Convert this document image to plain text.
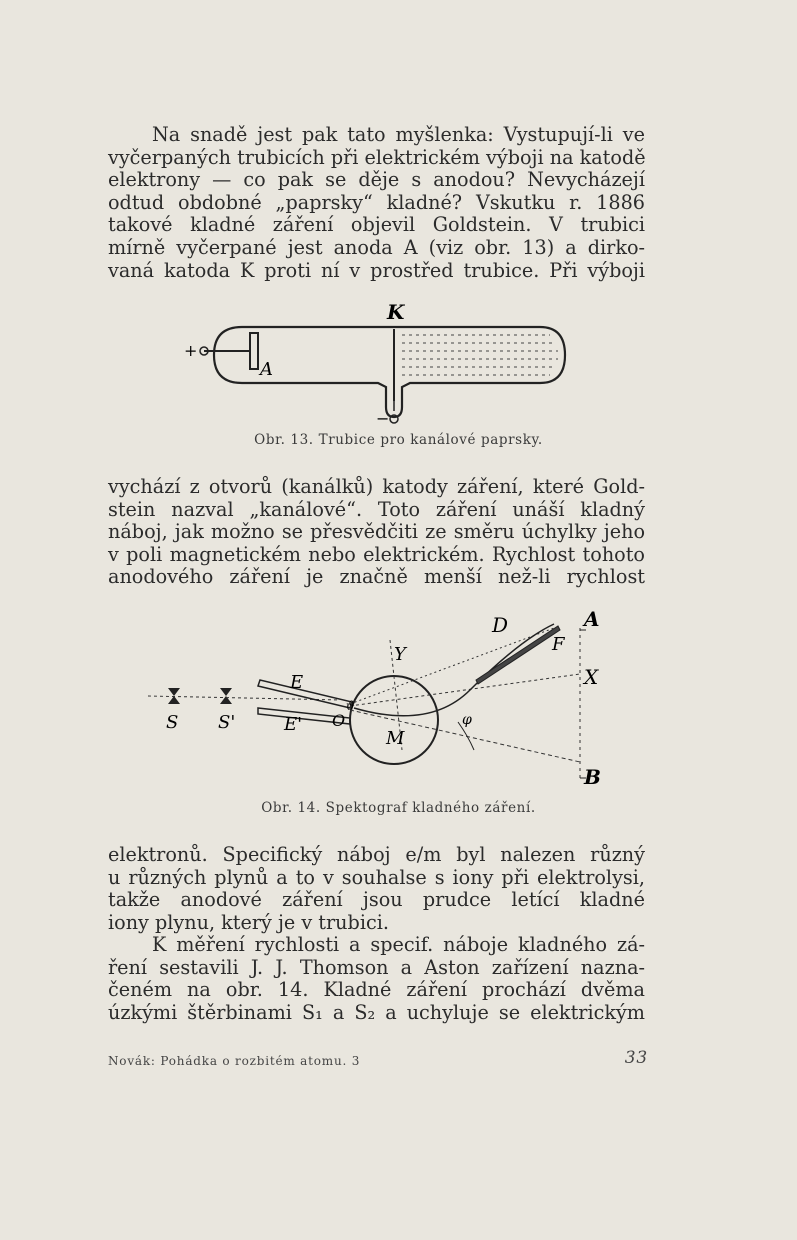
Na snadě jest pak tato myšlenka: Vystupují-li ve
vyčerpaných trubicích při elektrickém výboji na katodě
elektrony — co pak se děje s anodou? Nevycházejí
odtud obdobné „paprsky“ kladné? Vskutku r. 1886
takové kladné záření objevil Goldstein. V trubici
mírně vyčerpané jest anoda A (viz obr. 13) a dirko-
vaná katoda K proti ní v prostřed trubice. Při výboji
K
A
+
−
Obr. 13. Trubice pro kanálové paprsky.
vychází z otvorů (kanálků) katody záření, které Gold-
stein nazval „kanálové“. Toto záření unáší kladný
náboj, jak možno se přesvědčiti ze směru úchylky jeho
v poli magnetickém nebo elektrickém. Rychlost tohoto
anodového záření je značně menší než-li rychlost
D	A
F
Y
X
E
E'
S S'	O
M
B
φ
ϑ
Obr. 14. Spektograf kladného záření.
elektronů. Specifický náboj e/m byl nalezen různý
u různých plynů a to v souhalse s iony při elektrolysi,
takže anodové záření jsou prudce letící kladné
iony plynu, který je v trubici.
K měření rychlosti a specif. náboje kladného zá-
ření sestavili J. J. Thomson a Aston zařízení nazna-
čeném na obr. 14. Kladné záření prochází dvěma
úzkými štěrbinami S₁ a S₂ a uchyluje se elektrickým
Novák: Pohádka o rozbitém atomu. 3	33
